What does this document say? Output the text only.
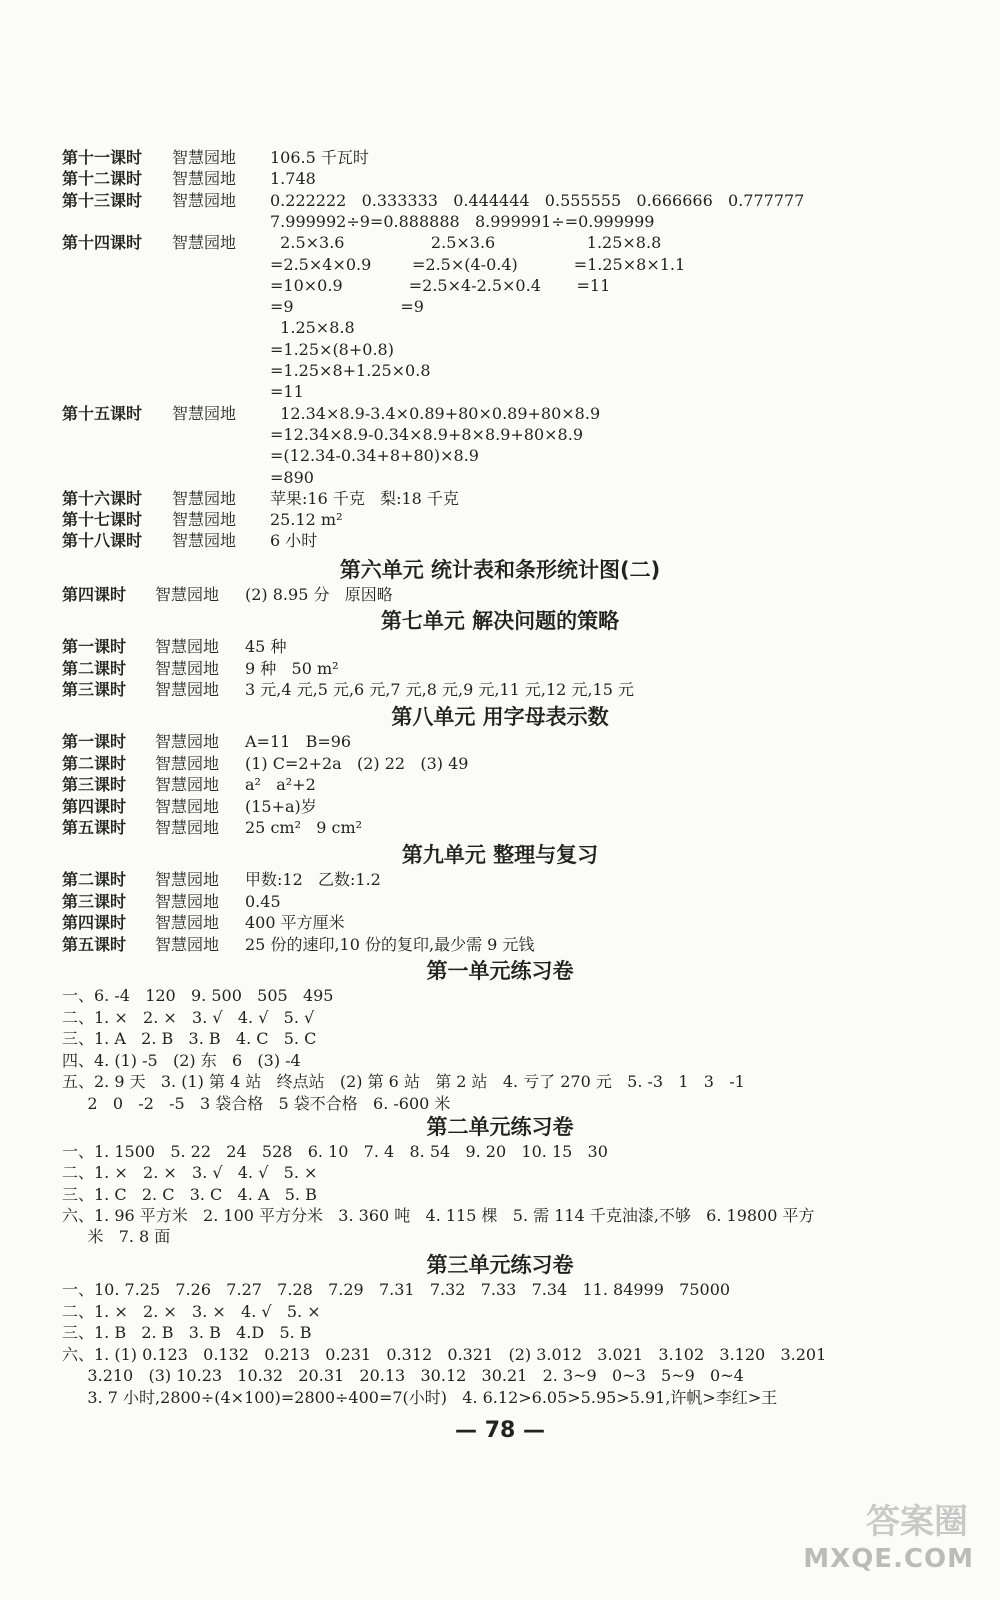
第十一课时 智慧园地 106.5 千瓦时
第十二课时 智慧园地 1.748
第十三课时 智慧园地 0.222222   0.333333   0.444444   0.555555   0.666666   0.777777
7.999992÷9=0.888888   8.999991÷=0.999999
第十四课时 智慧园地 2.5×3.6                 2.5×3.6                  1.25×8.8
=2.5×4×0.9        =2.5×(4-0.4)           =1.25×8×1.1
=10×0.9             =2.5×4-2.5×0.4       =11
=9                     =9
1.25×8.8
=1.25×(8+0.8)
=1.25×8+1.25×0.8
=11
第十五课时 智慧园地 12.34×8.9-3.4×0.89+80×0.89+80×8.9
=12.34×8.9-0.34×8.9+8×8.9+80×8.9
=(12.34-0.34+8+80)×8.9
=890
第十六课时 智慧园地 苹果:16 千克   梨:18 千克
第十七课时 智慧园地 25.12 m²
第十八课时 智慧园地 6 小时
第六单元 统计表和条形统计图(二)
第四课时 智慧园地 (2) 8.95 分   原因略
第七单元 解决问题的策略
第一课时 智慧园地 45 种
第二课时 智慧园地 9 种   50 m²
第三课时 智慧园地 3 元,4 元,5 元,6 元,7 元,8 元,9 元,11 元,12 元,15 元
第八单元 用字母表示数
第一课时 智慧园地 A=11   B=96
第二课时 智慧园地 (1) C=2+2a   (2) 22   (3) 49
第三课时 智慧园地 a²   a²+2
第四课时 智慧园地 (15+a)岁
第五课时 智慧园地 25 cm²   9 cm²
第九单元 整理与复习
第二课时 智慧园地 甲数:12   乙数:1.2
第三课时 智慧园地 0.45
第四课时 智慧园地 400 平方厘米
第五课时 智慧园地 25 份的速印,10 份的复印,最少需 9 元钱
第一单元练习卷
一、6. -4   120   9. 500   505   495
二、1. ×   2. ×   3. √   4. √   5. √
三、1. A   2. B   3. B   4. C   5. C
四、4. (1) -5   (2) 东   6   (3) -4
五、2. 9 天   3. (1) 第 4 站   终点站   (2) 第 6 站   第 2 站   4. 亏了 270 元   5. -3   1   3   -1
2   0   -2   -5   3 袋合格   5 袋不合格   6. -600 米
第二单元练习卷
一、1. 1500   5. 22   24   528   6. 10   7. 4   8. 54   9. 20   10. 15   30
二、1. ×   2. ×   3. √   4. √   5. ×
三、1. C   2. C   3. C   4. A   5. B
六、1. 96 平方米   2. 100 平方分米   3. 360 吨   4. 115 棵   5. 需 114 千克油漆,不够   6. 19800 平方
米   7. 8 面
第三单元练习卷
一、10. 7.25   7.26   7.27   7.28   7.29   7.31   7.32   7.33   7.34   11. 84999   75000
二、1. ×   2. ×   3. ×   4. √   5. ×
三、1. B   2. B   3. B   4.D   5. B
六、1. (1) 0.123   0.132   0.213   0.231   0.312   0.321   (2) 3.012   3.021   3.102   3.120   3.201
3.210   (3) 10.23   10.32   20.31   20.13   30.12   30.21   2. 3~9   0~3   5~9   0~4
3. 7 小时,2800÷(4×100)=2800÷400=7(小时)   4. 6.12>6.05>5.95>5.91,许帆>李红>王
— 78 —
答案圈
MXQE.COM
